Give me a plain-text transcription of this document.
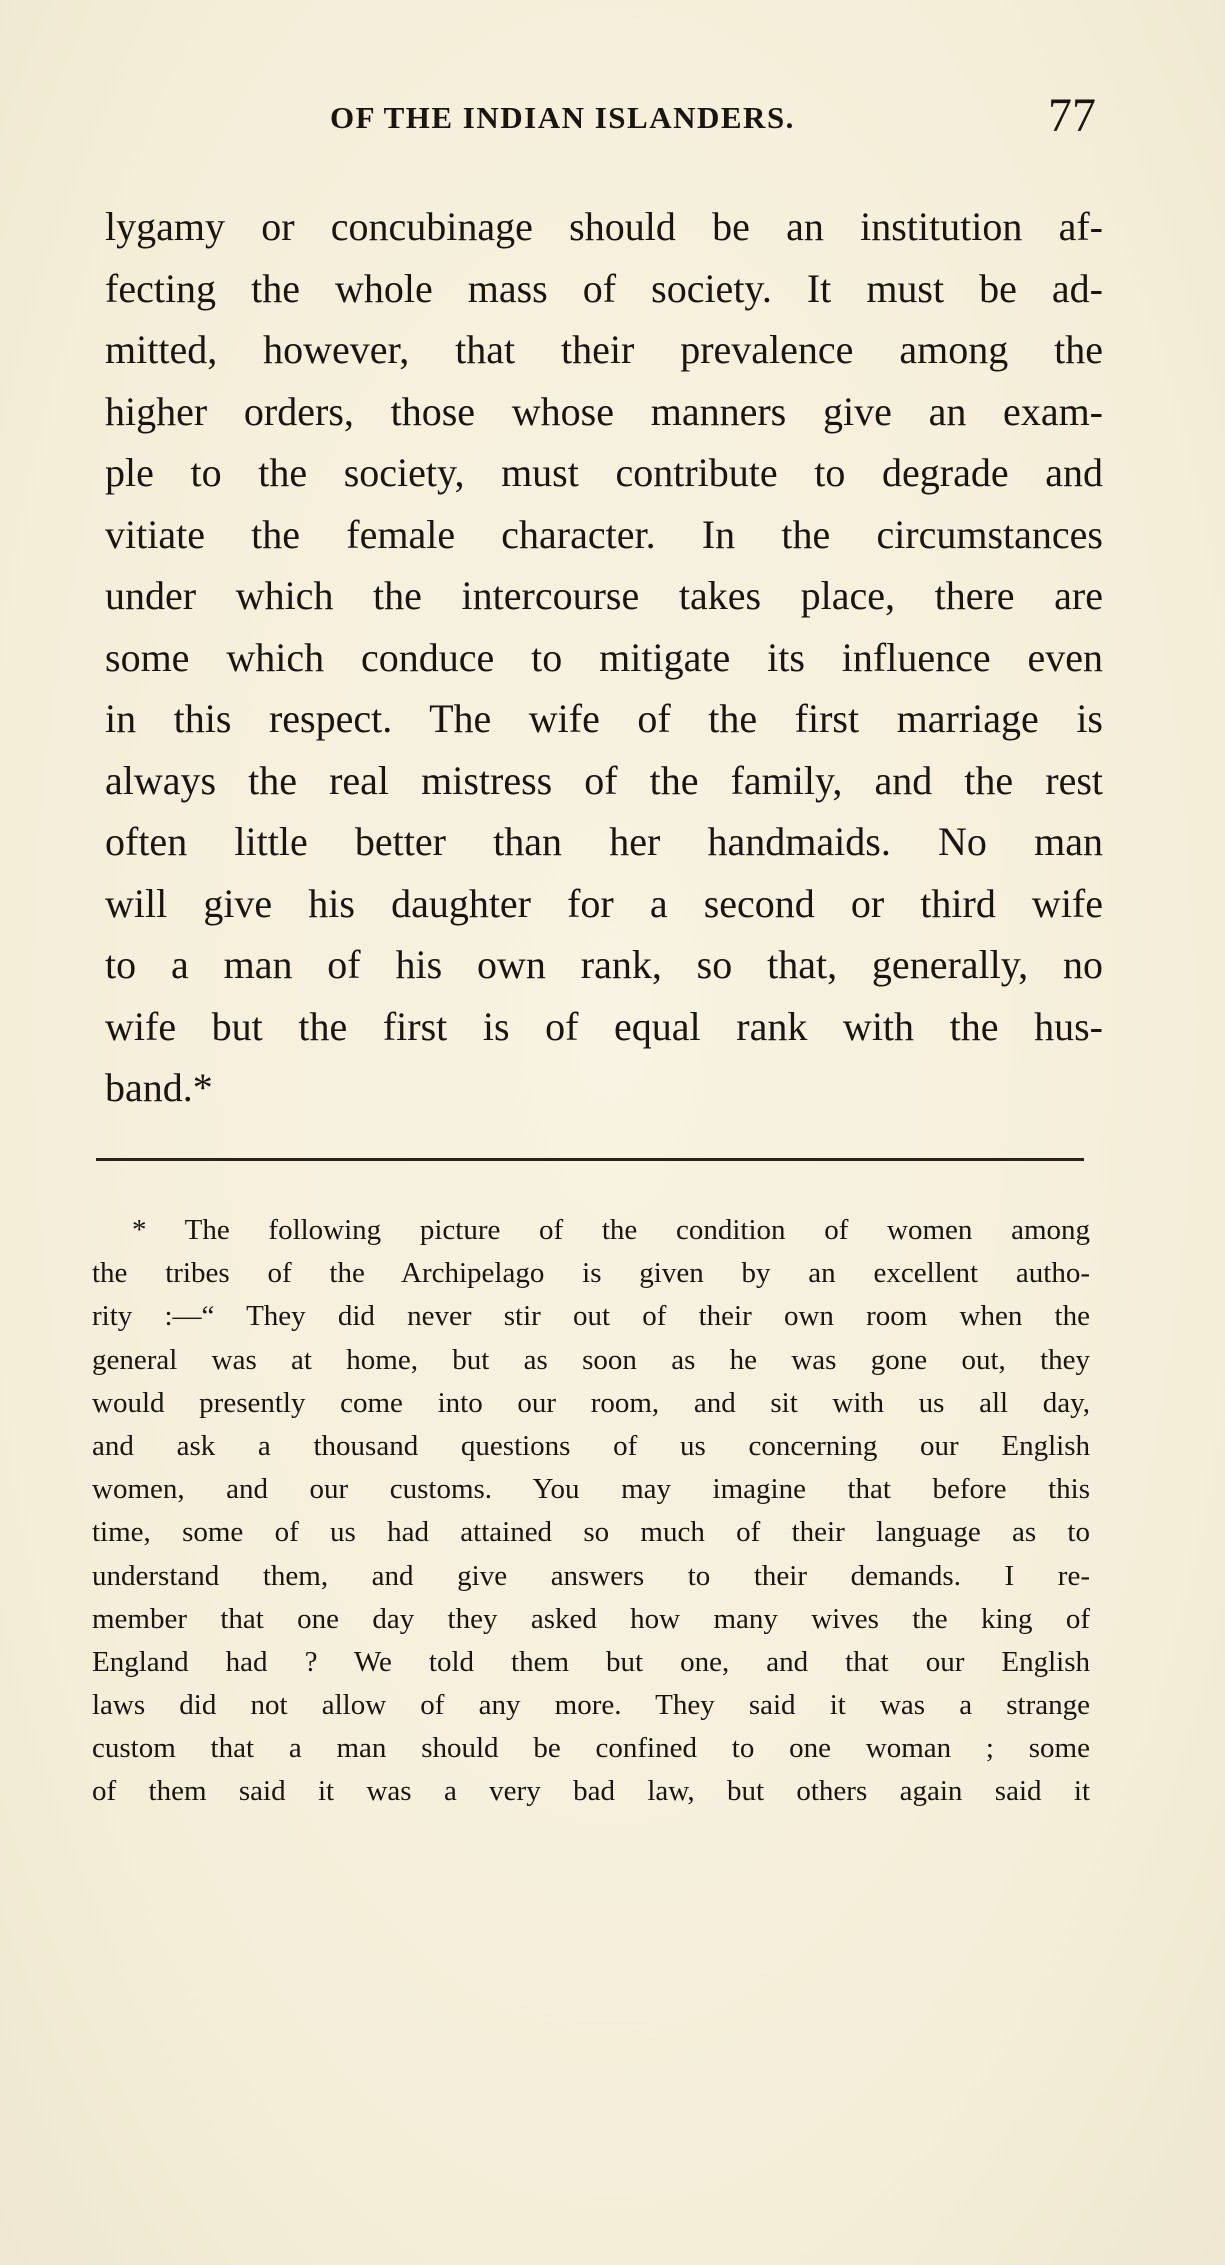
OF THE INDIAN ISLANDERS.	77
lygamy or concubinage should be an institution af-
fecting the whole mass of society. It must be ad-
mitted, however, that their prevalence among the
higher orders, those whose manners give an exam-
ple to the society, must contribute to degrade and
vitiate the female character. In the circumstances
under which the intercourse takes place, there are
some which conduce to mitigate its influence even
in this respect. The wife of the first marriage is
always the real mistress of the family, and the rest
often little better than her handmaids. No man
will give his daughter for a second or third wife
to a man of his own rank, so that, generally, no
wife but the first is of equal rank with the hus-
band.*
* The following picture of the condition of women among
the tribes of the Archipelago is given by an excellent autho-
rity :—“ They did never stir out of their own room when the
general was at home, but as soon as he was gone out, they
would presently come into our room, and sit with us all day,
and ask a thousand questions of us concerning our English
women, and our customs. You may imagine that before this
time, some of us had attained so much of their language as to
understand them, and give answers to their demands. I re-
member that one day they asked how many wives the king of
England had ? We told them but one, and that our English
laws did not allow of any more. They said it was a strange
custom that a man should be confined to one woman ; some
of them said it was a very bad law, but others again said it
